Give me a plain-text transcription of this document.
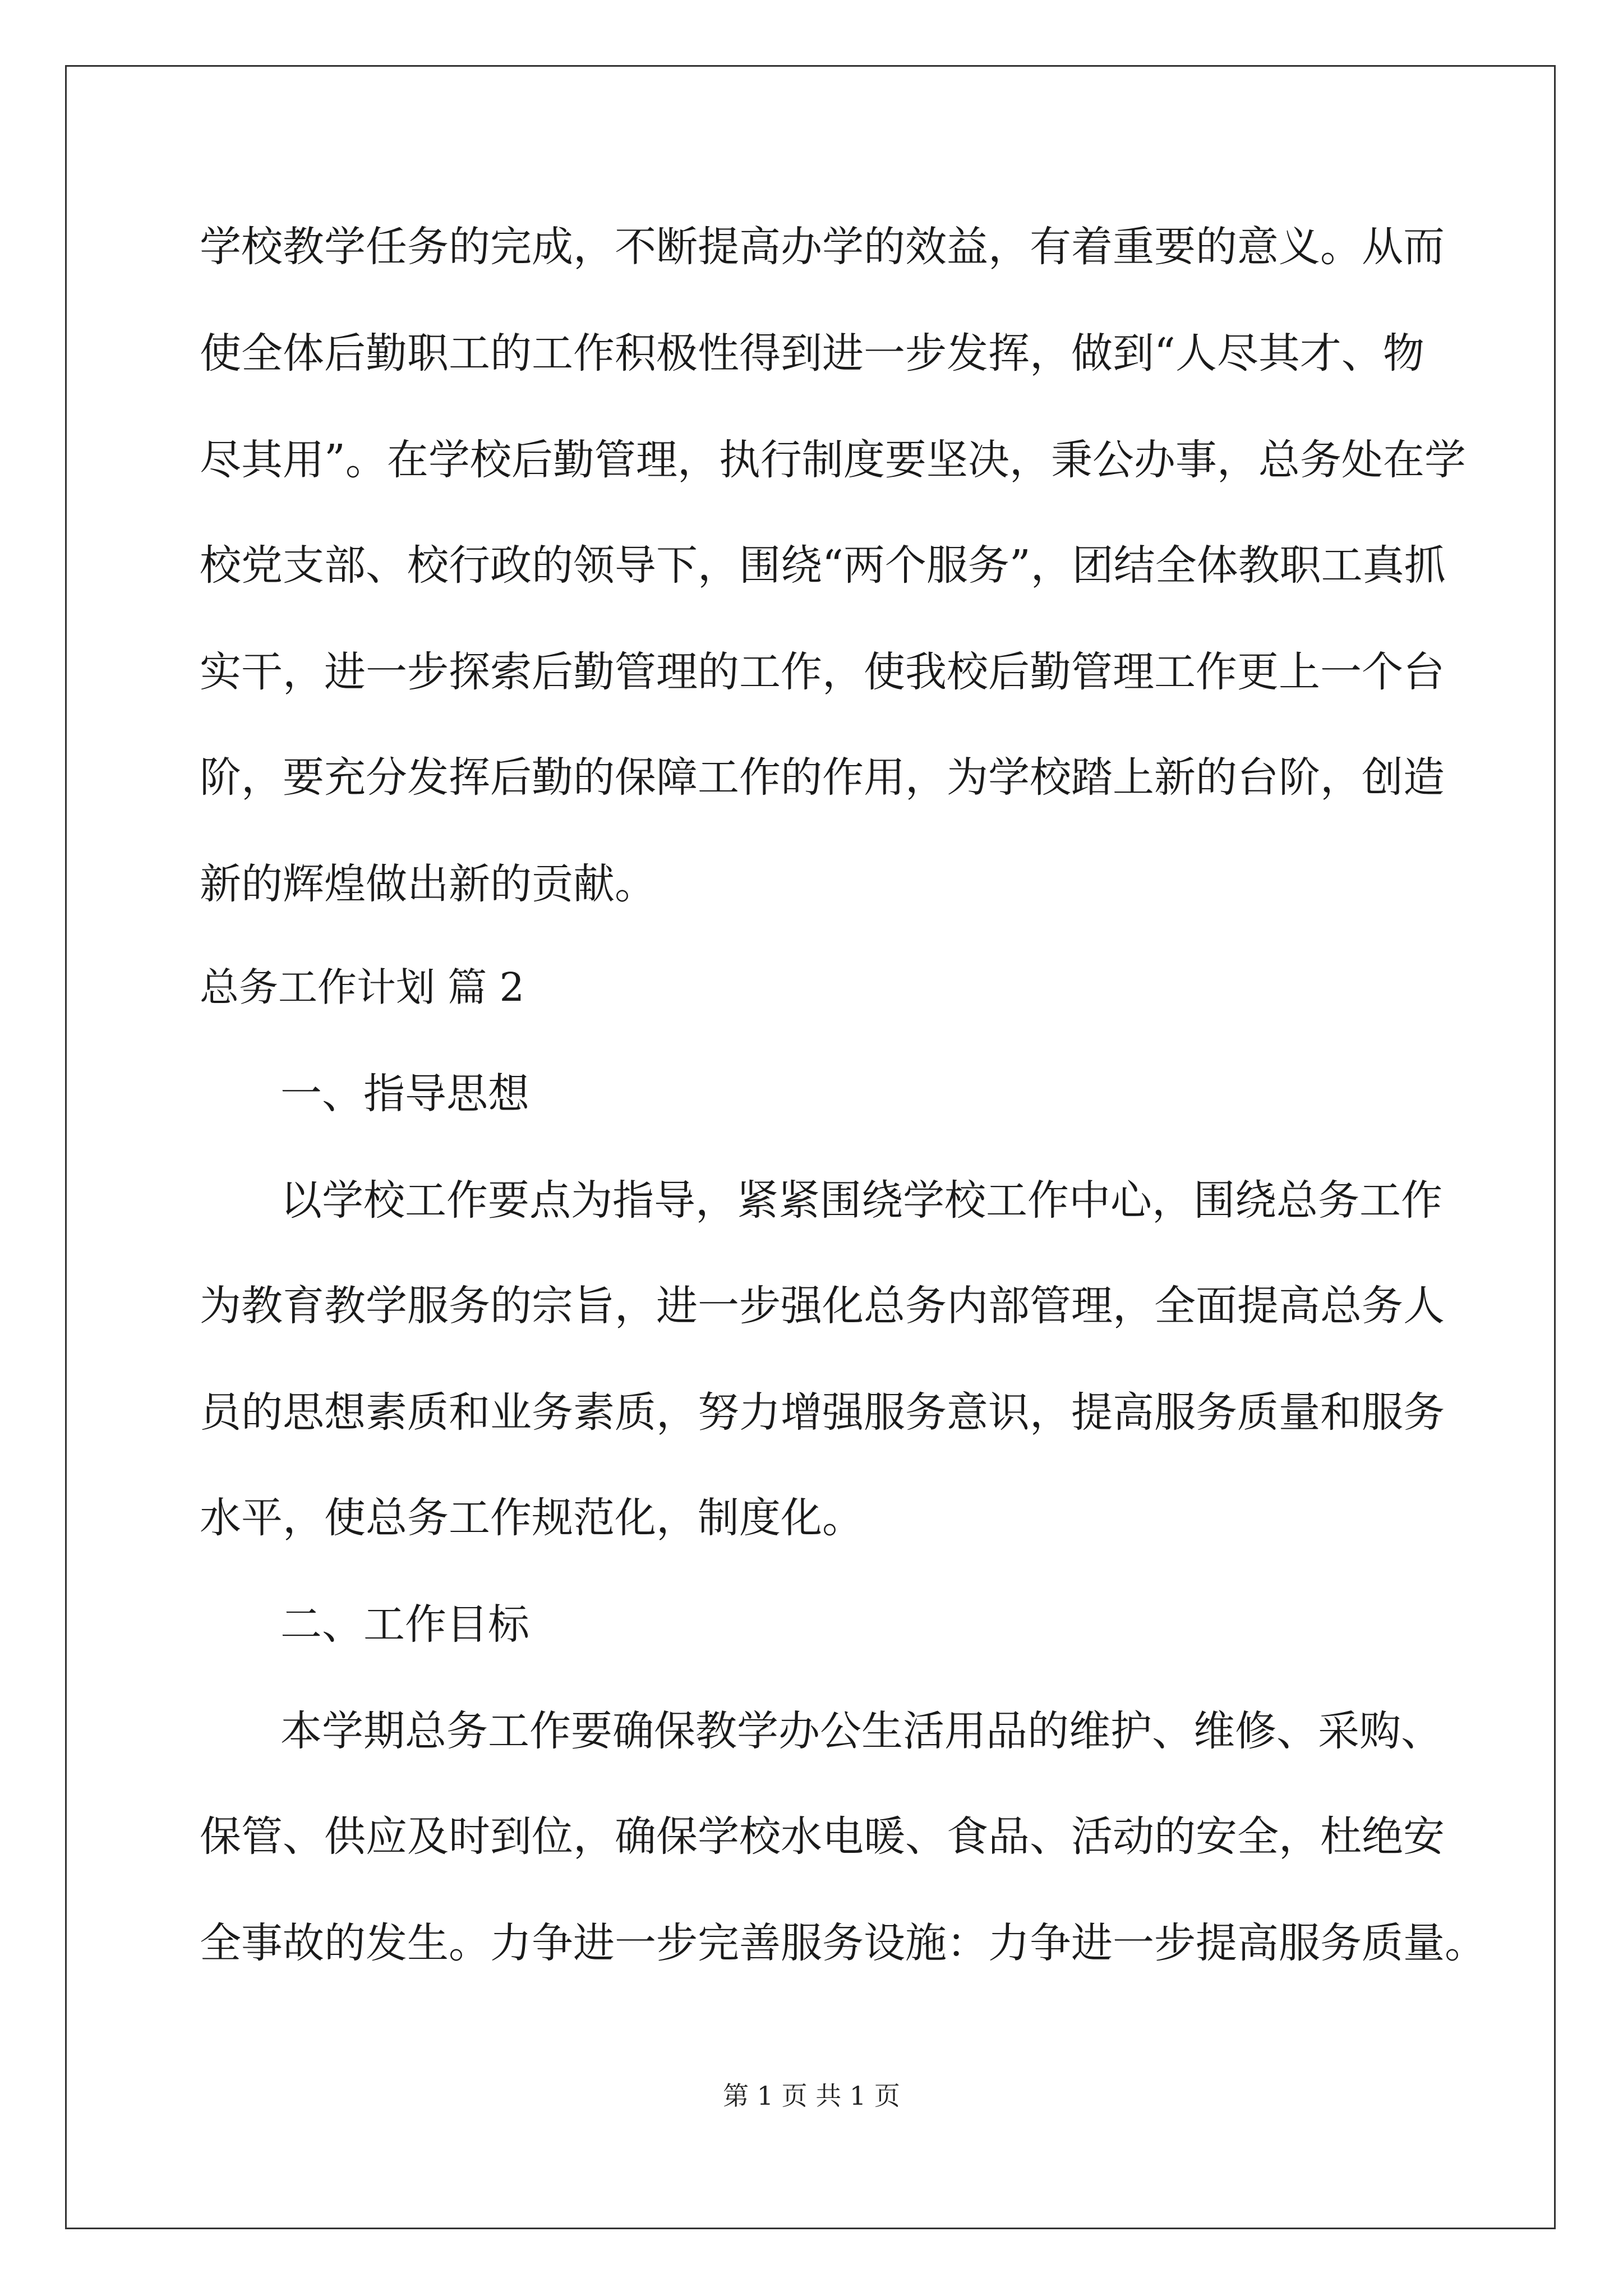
学校教学任务的完成，不断提高办学的效益，有着重要的意义。从而
使全体后勤职工的工作积极性得到进一步发挥，做到“人尽其才、物
尽其用”。在学校后勤管理，执行制度要坚决，秉公办事，总务处在学
校党支部、校行政的领导下，围绕“两个服务”，团结全体教职工真抓
实干，进一步探索后勤管理的工作，使我校后勤管理工作更上一个台
阶，要充分发挥后勤的保障工作的作用，为学校踏上新的台阶，创造
新的辉煌做出新的贡献。
总务工作计划 篇 2
一、指导思想
以学校工作要点为指导，紧紧围绕学校工作中心，围绕总务工作
为教育教学服务的宗旨，进一步强化总务内部管理，全面提高总务人
员的思想素质和业务素质，努力增强服务意识，提高服务质量和服务
水平，使总务工作规范化，制度化。
二、工作目标
本学期总务工作要确保教学办公生活用品的维护、维修、采购、
保管、供应及时到位，确保学校水电暖、食品、活动的安全，杜绝安
全事故的发生。力争进一步完善服务设施：力争进一步提高服务质量。
第 1 页 共 1 页
